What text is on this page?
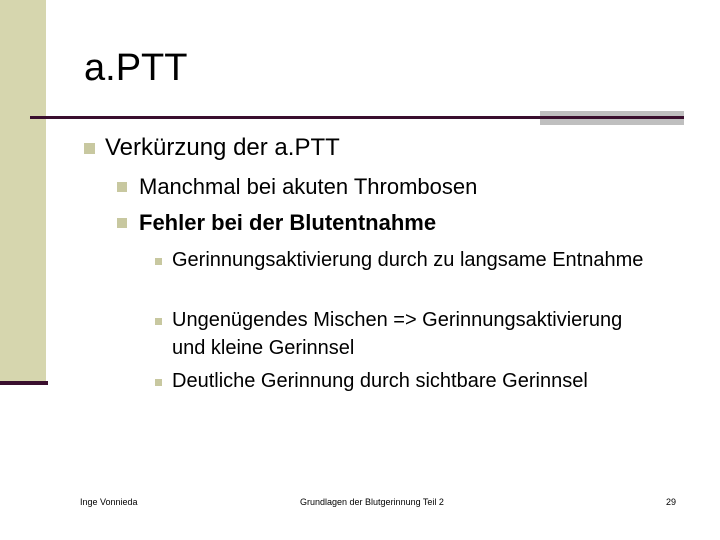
a.PTT
Verkürzung der a.PTT
Manchmal bei akuten Thrombosen
Fehler bei der Blutentnahme
Gerinnungsaktivierung durch zu langsame Entnahme
Ungenügendes Mischen => Gerinnungsaktivierung und kleine Gerinnsel
Deutliche Gerinnung durch sichtbare Gerinnsel
Inge Vonnieda	Grundlagen der Blutgerinnung Teil 2	29
